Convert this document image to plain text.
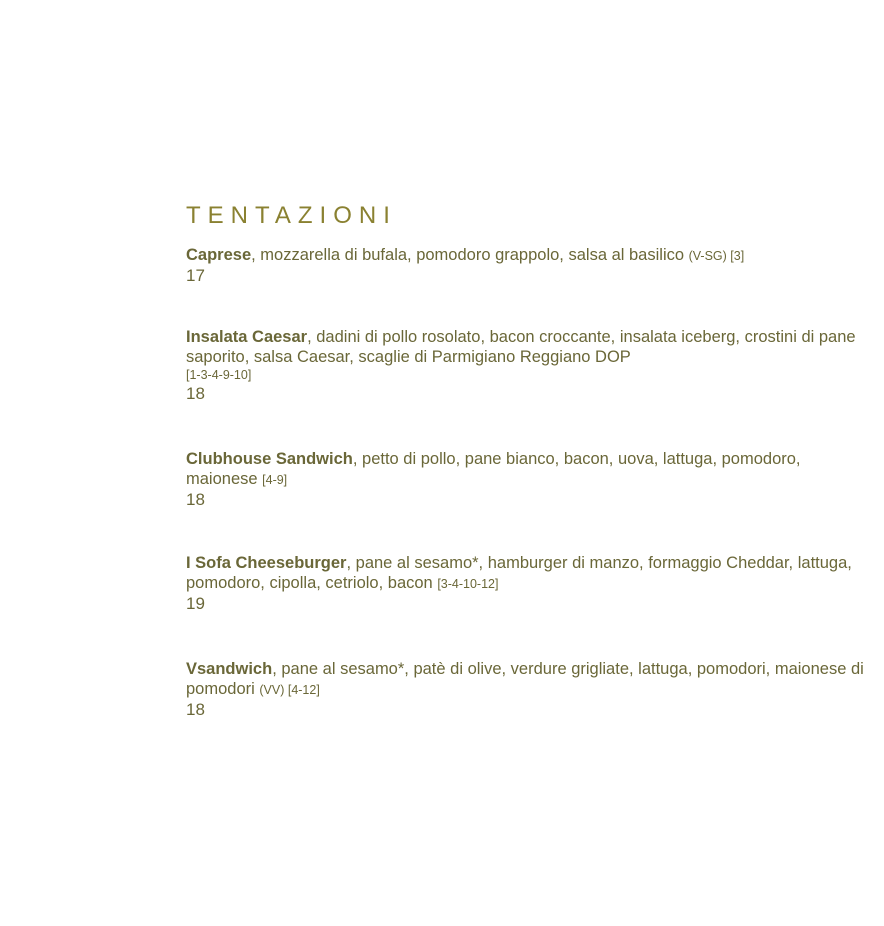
TENTAZIONI

Caprese, mozzarella di bufala, pomodoro grappolo, salsa al basilico (V-SG) [3]

17

Insalata Caesar, dadini di pollo rosolato, bacon croccante, insalata iceberg, crostini di pane saporito, salsa Caesar, scaglie di Parmigiano Reggiano DOP

[1-3-4-9-10]
18

Clubhouse Sandwich, petto di pollo, pane bianco, bacon, uova, lattuga, pomodoro, maionese [4-9]

18

I Sofa Cheeseburger, pane al sesamo*, hamburger di manzo, formaggio Cheddar, lattuga, pomodoro, cipolla, cetriolo, bacon [3-4-10-12]

19

Vsandwich, pane al sesamo*, patè di olive, verdure grigliate, lattuga, pomodori, maionese di pomodori (VV) [4-12]

18
